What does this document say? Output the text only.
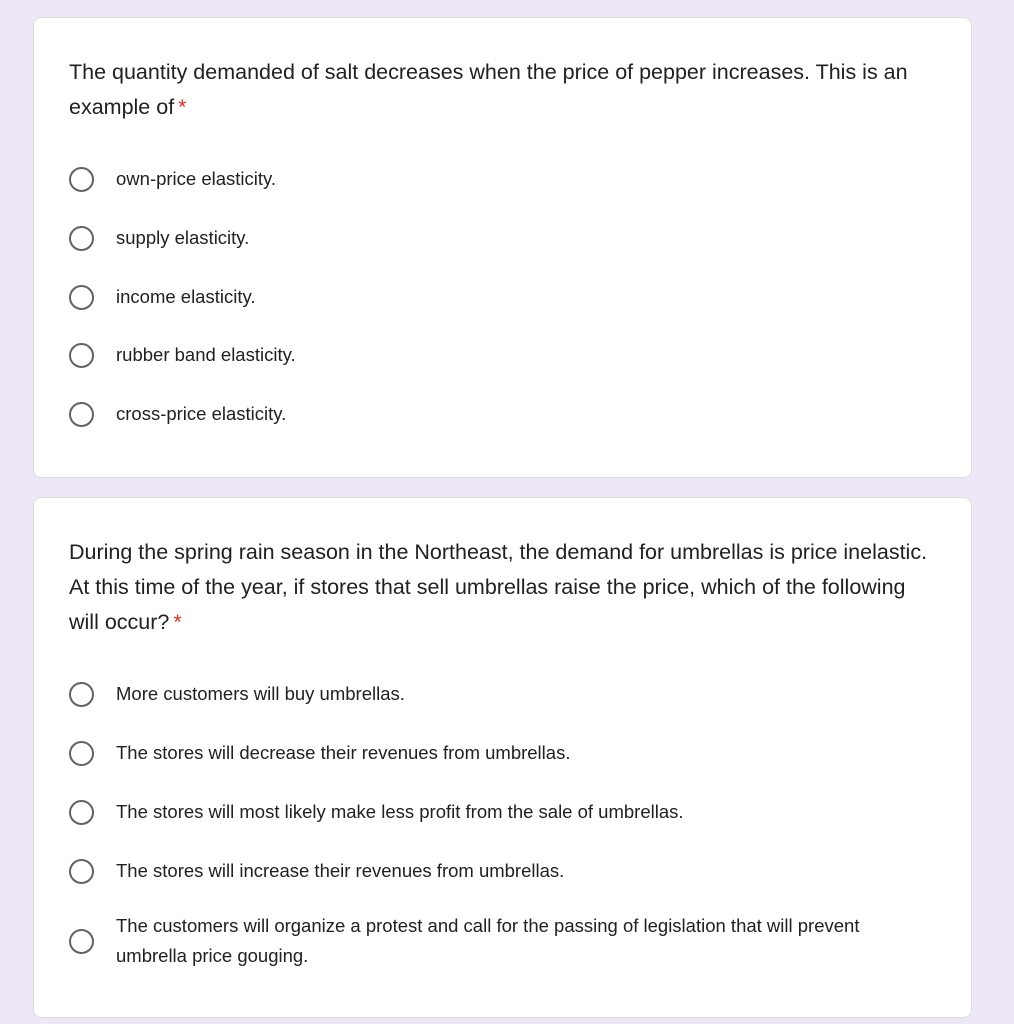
The quantity demanded of salt decreases when the price of pepper increases. This is an example of *
own-price elasticity.
supply elasticity.
income elasticity.
rubber band elasticity.
cross-price elasticity.
During the spring rain season in the Northeast, the demand for umbrellas is price inelastic. At this time of the year, if stores that sell umbrellas raise the price, which of the following will occur? *
More customers will buy umbrellas.
The stores will decrease their revenues from umbrellas.
The stores will most likely make less profit from the sale of umbrellas.
The stores will increase their revenues from umbrellas.
The customers will organize a protest and call for the passing of legislation that will prevent umbrella price gouging.
